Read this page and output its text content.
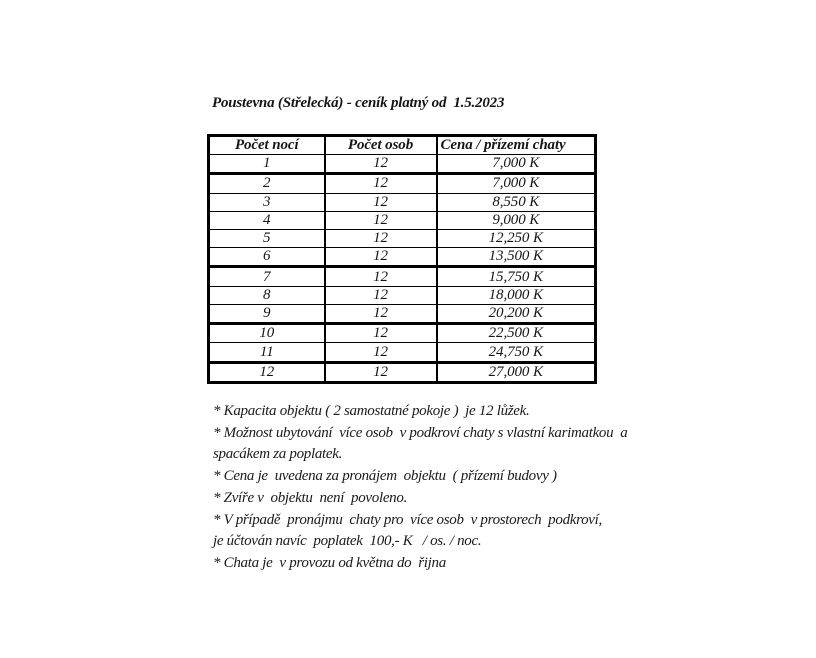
Poustevna (Střelecká) - ceník platný od  1.5.2023
Počet nocí	Počet osob	Cena / přízemí chaty
1	12	7,000 K
2	12	7,000 K
3	12	8,550 K
4	12	9,000 K
5	12	12,250 K
6	12	13,500 K
7	12	15,750 K
8	12	18,000 K
9	12	20,200 K
10	12	22,500 K
11	12	24,750 K
12	12	27,000 K
* Kapacita objektu ( 2 samostatné pokoje )  je 12 lůžek.
* Možnost ubytování  více osob  v podkroví chaty s vlastní karimatkou  a
spacákem za poplatek.
* Cena je  uvedena za pronájem  objektu  ( přízemí budovy )
* Zvíře v  objektu  není  povoleno.
* V případě  pronájmu  chaty pro  více osob  v prostorech  podkroví,
je účtován navíc  poplatek  100,- K   / os. / noc.
* Chata je  v provozu od května do  řijna
